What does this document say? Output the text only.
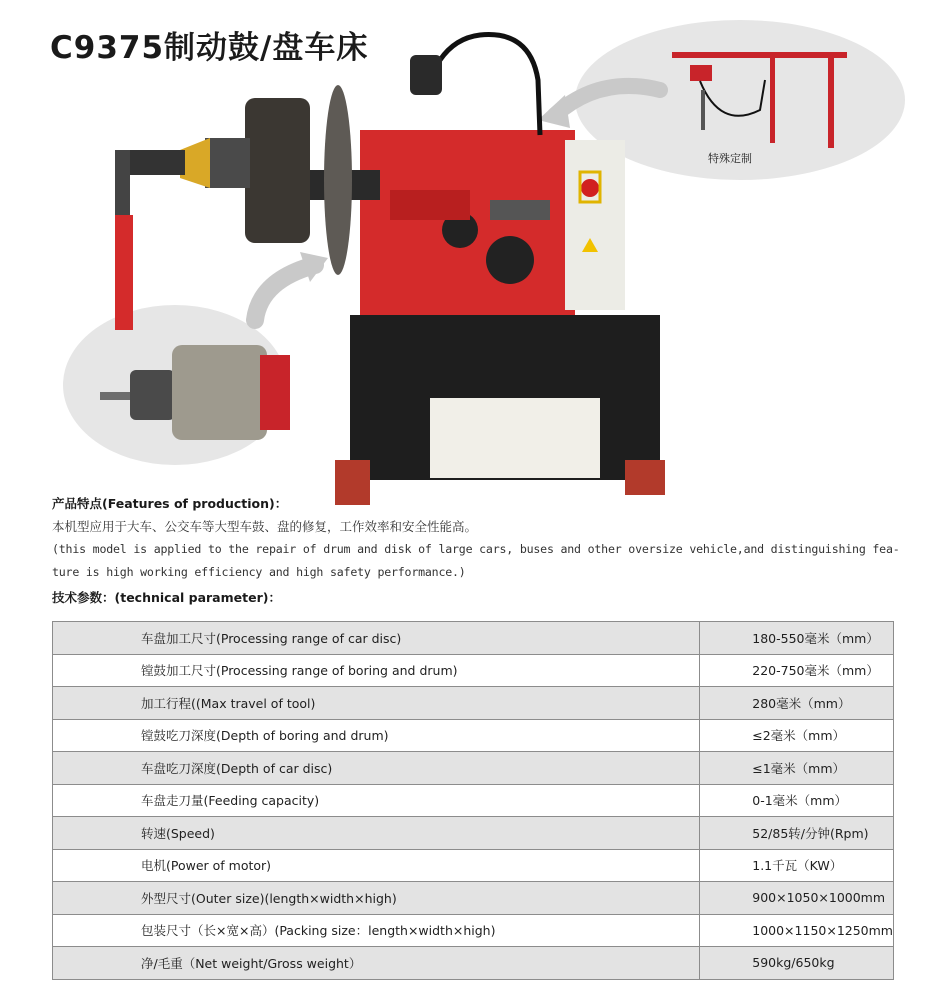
C9375制动鼓/盘车床
特殊定制
产品特点(Features of production)：
本机型应用于大车、公交车等大型车鼓、盘的修复，工作效率和安全性能高。
(this model is applied to the repair of drum and disk of large cars, buses and other oversize vehicle,and distinguishing fea-
ture is high working efficiency and high safety performance.)
技术参数：(technical parameter)：
车盘加工尺寸(Processing range of car disc)	180-550毫米（mm）
镗鼓加工尺寸(Processing range of boring and drum)	220-750毫米（mm）
加工行程((Max travel of tool)	280毫米（mm）
镗鼓吃刀深度(Depth of boring and drum)	≤2毫米（mm）
车盘吃刀深度(Depth of car disc)	≤1毫米（mm）
车盘走刀量(Feeding capacity)	0-1毫米（mm）
转速(Speed)	52/85转/分钟(Rpm)
电机(Power of motor)	1.1千瓦（KW）
外型尺寸(Outer size)(length×width×high)	900×1050×1000mm
包装尺寸（长×宽×高）(Packing size：length×width×high)	1000×1150×1250mm
净/毛重（Net weight/Gross weight）	590kg/650kg
